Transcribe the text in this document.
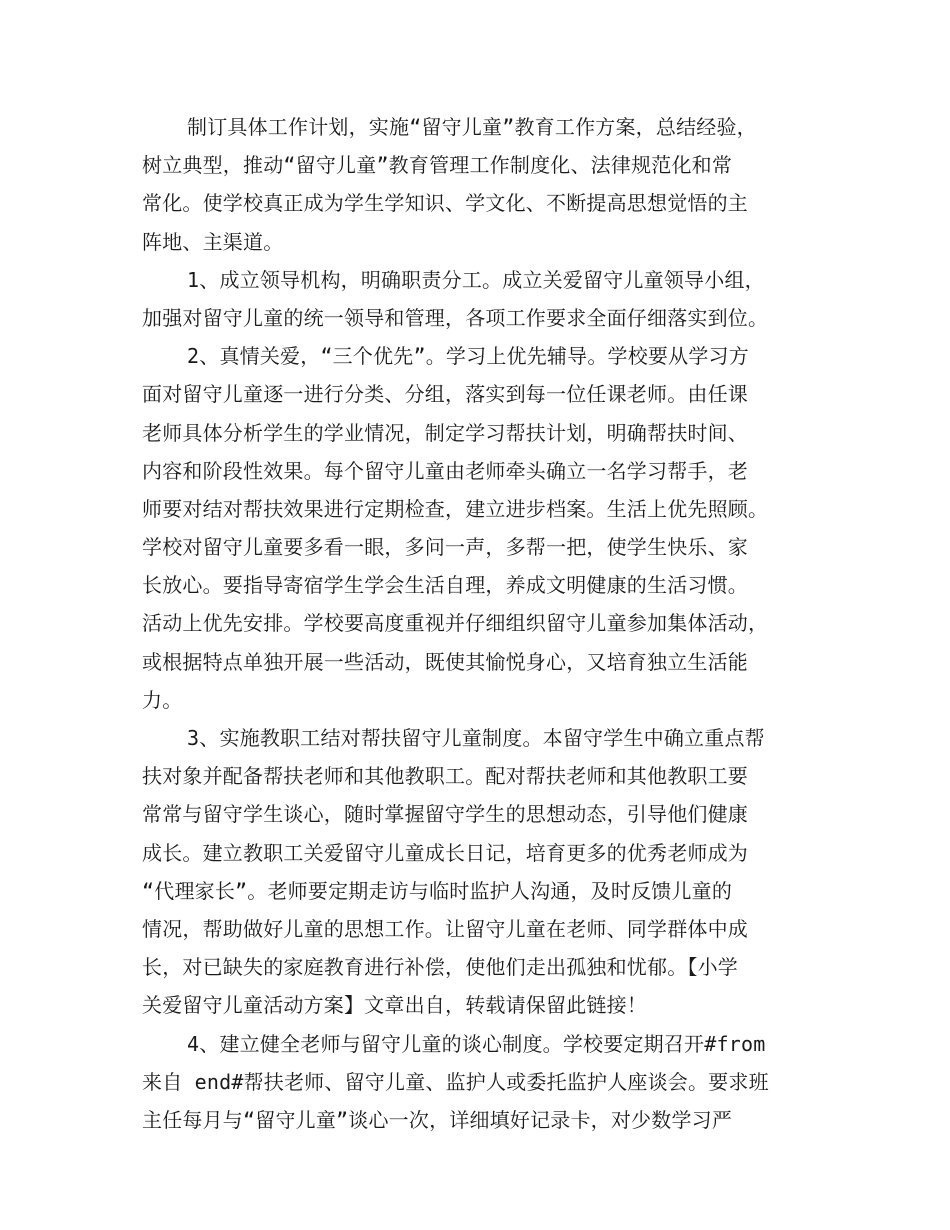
制订具体工作计划，实施“留守儿童”教育工作方案，总结经验，
树立典型，推动“留守儿童”教育管理工作制度化、法律规范化和常
常化。使学校真正成为学生学知识、学文化、不断提高思想觉悟的主
阵地、主渠道。
1、成立领导机构，明确职责分工。成立关爱留守儿童领导小组，
加强对留守儿童的统一领导和管理，各项工作要求全面仔细落实到位。
2、真情关爱，“三个优先”。学习上优先辅导。学校要从学习方
面对留守儿童逐一进行分类、分组，落实到每一位任课老师。由任课
老师具体分析学生的学业情况，制定学习帮扶计划，明确帮扶时间、
内容和阶段性效果。每个留守儿童由老师牵头确立一名学习帮手，老
师要对结对帮扶效果进行定期检查，建立进步档案。生活上优先照顾。
学校对留守儿童要多看一眼，多问一声，多帮一把，使学生快乐、家
长放心。要指导寄宿学生学会生活自理，养成文明健康的生活习惯。
活动上优先安排。学校要高度重视并仔细组织留守儿童参加集体活动，
或根据特点单独开展一些活动，既使其愉悦身心，又培育独立生活能
力。
3、实施教职工结对帮扶留守儿童制度。本留守学生中确立重点帮
扶对象并配备帮扶老师和其他教职工。配对帮扶老师和其他教职工要
常常与留守学生谈心，随时掌握留守学生的思想动态，引导他们健康
成长。建立教职工关爱留守儿童成长日记，培育更多的优秀老师成为
“代理家长”。老师要定期走访与临时监护人沟通，及时反馈儿童的
情况，帮助做好儿童的思想工作。让留守儿童在老师、同学群体中成
长，对已缺失的家庭教育进行补偿，使他们走出孤独和忧郁。【小学
关爱留守儿童活动方案】文章出自，转载请保留此链接！
4、建立健全老师与留守儿童的谈心制度。学校要定期召开#from
来自 end#帮扶老师、留守儿童、监护人或委托监护人座谈会。要求班
主任每月与“留守儿童”谈心一次，详细填好记录卡，对少数学习严
